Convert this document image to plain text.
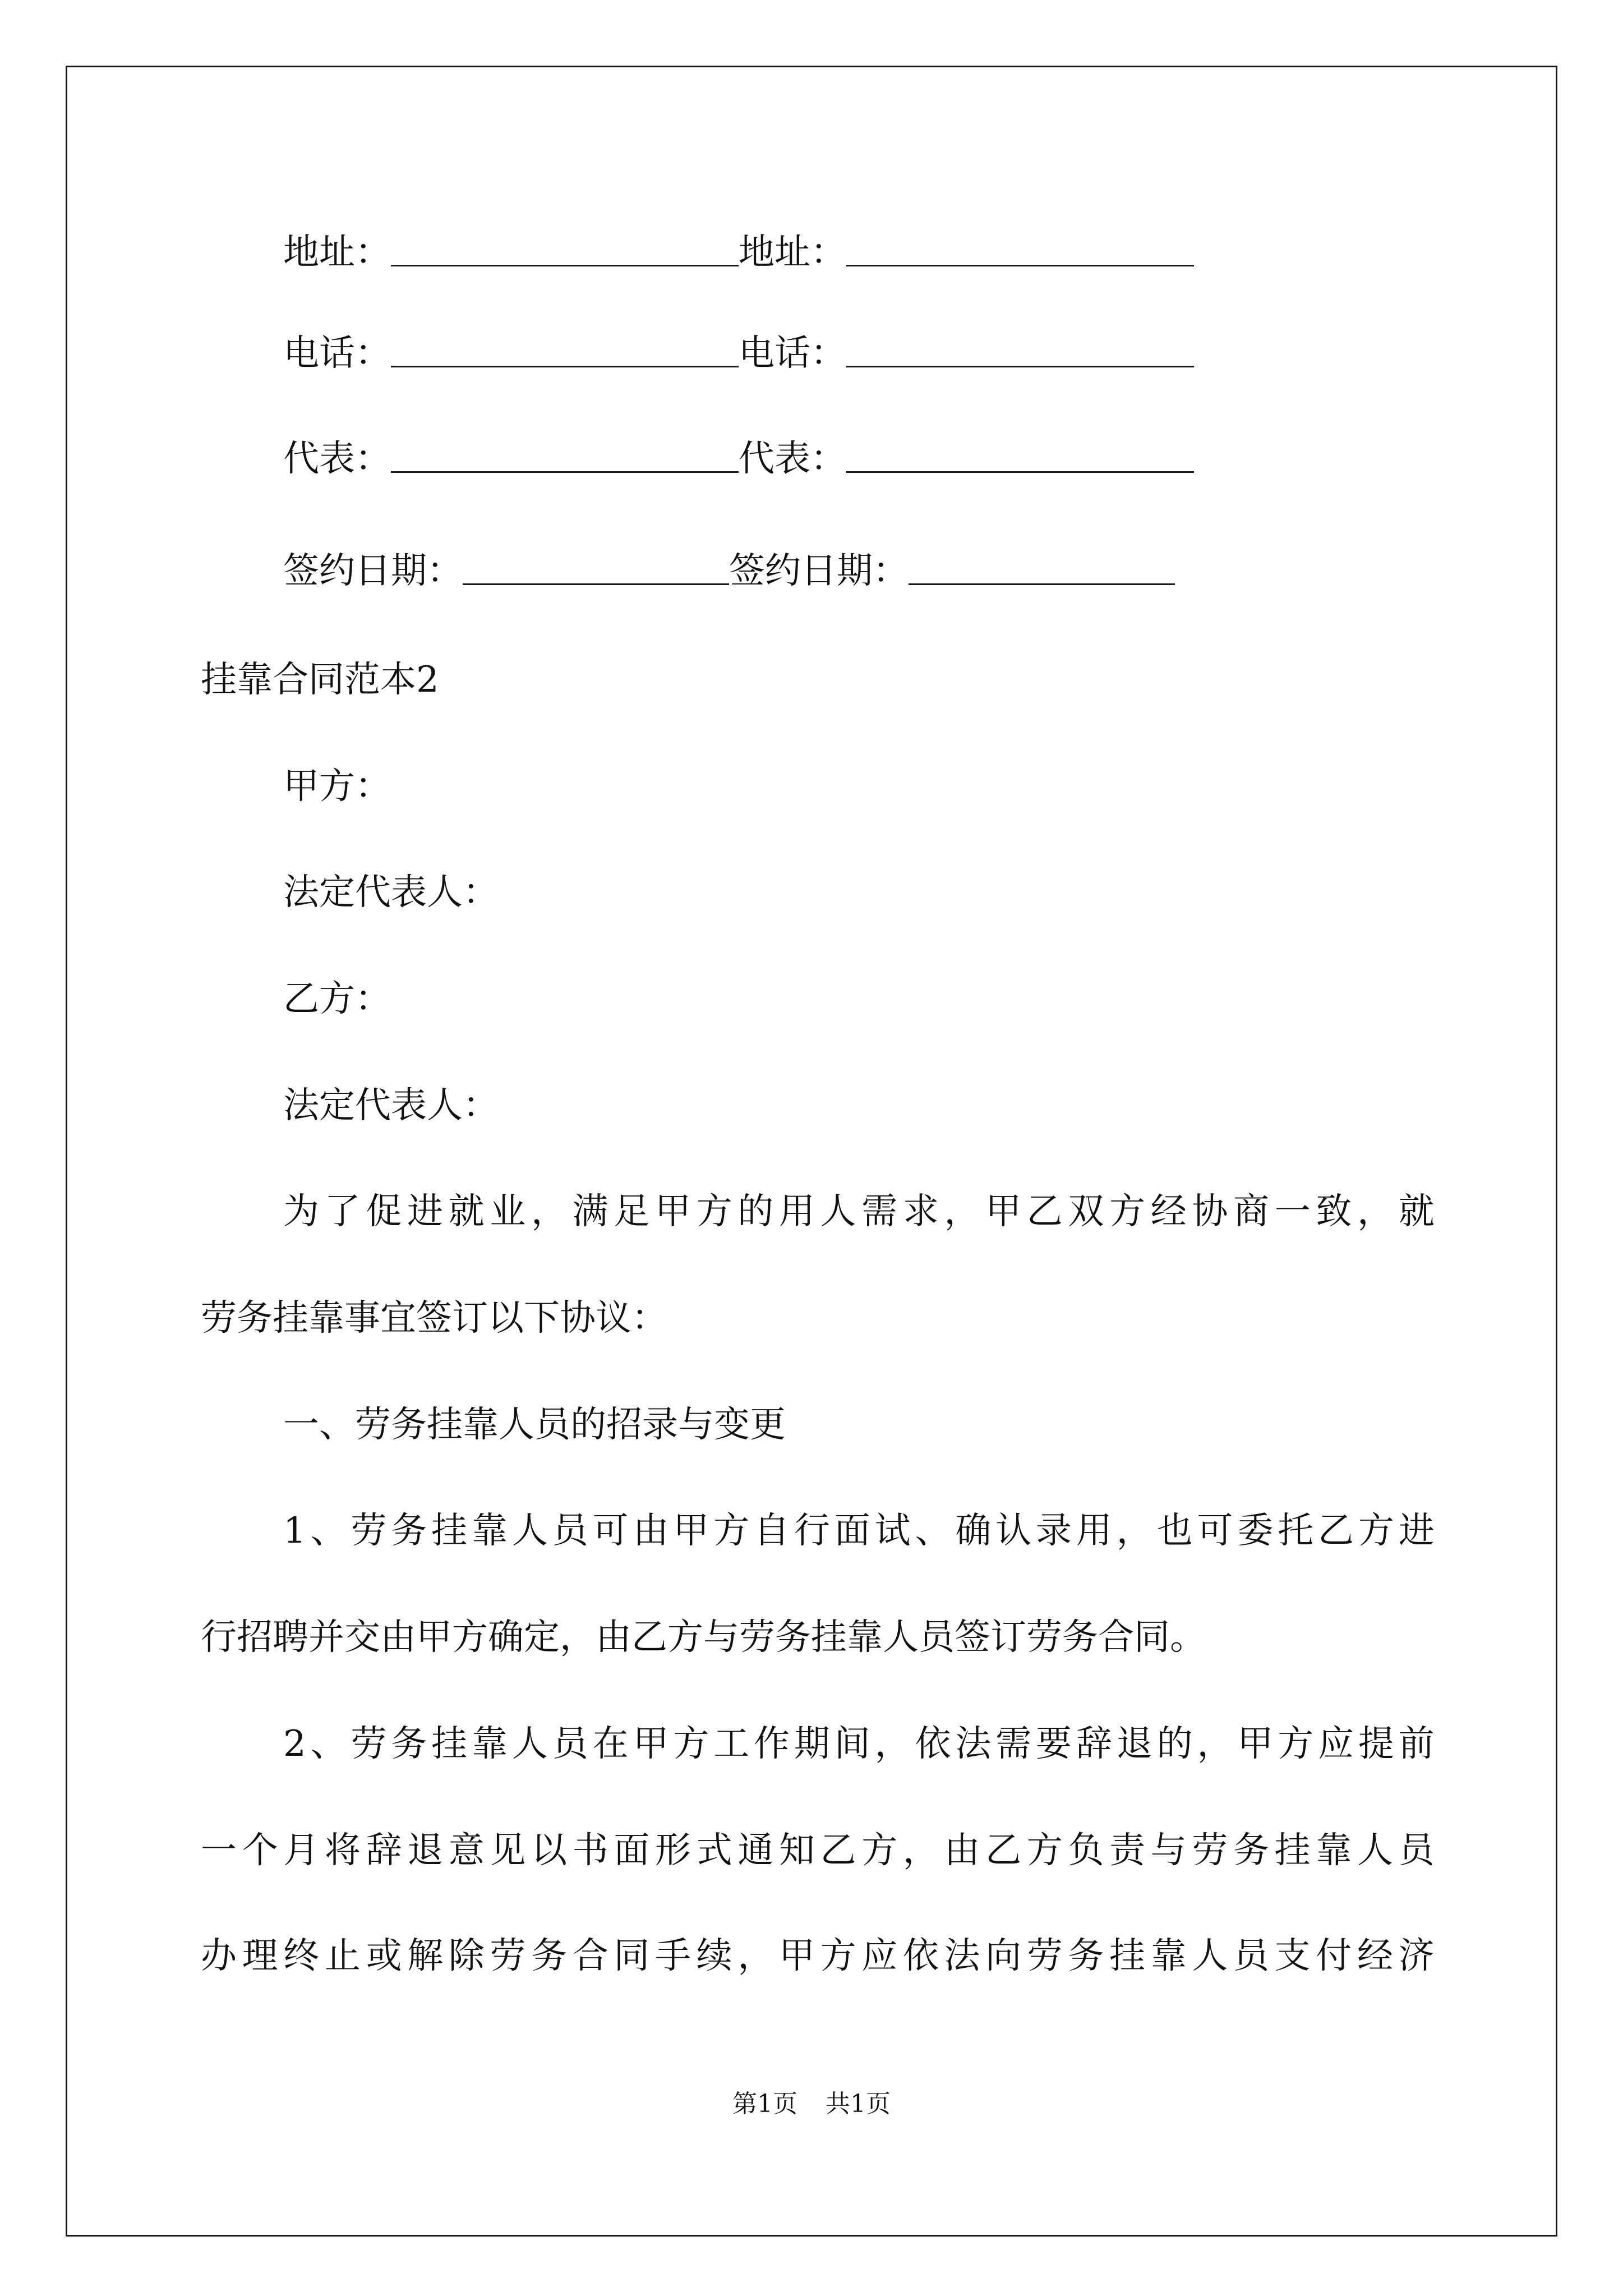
地址：	地址：
电话：	电话：
代表：	代表：
签约日期：	签约日期：
挂靠合同范本2
甲方：
法定代表人：
乙方：
法定代表人：
为 了 促 进 就 业 ， 满 足 甲 方 的 用 人 需 求 ， 甲 乙 双 方 经 协 商 一 致 ， 就
劳务挂靠事宜签订以下协议：
一、劳务挂靠人员的招录与变更
1 、 劳 务 挂 靠 人 员 可 由 甲 方 自 行 面 试 、 确 认 录 用 ， 也 可 委 托 乙 方 进
行招聘并交由甲方确定，由乙方与劳务挂靠人员签订劳务合同。
2 、 劳 务 挂 靠 人 员 在 甲 方 工 作 期 间 ， 依 法 需 要 辞 退 的 ， 甲 方 应 提 前
一 个 月 将 辞 退 意 见 以 书 面 形 式 通 知 乙 方 ， 由 乙 方 负 责 与 劳 务 挂 靠 人 员
办 理 终 止 或 解 除 劳 务 合 同 手 续 ， 甲 方 应 依 法 向 劳 务 挂 靠 人 员 支 付 经 济
第1页 共1页
